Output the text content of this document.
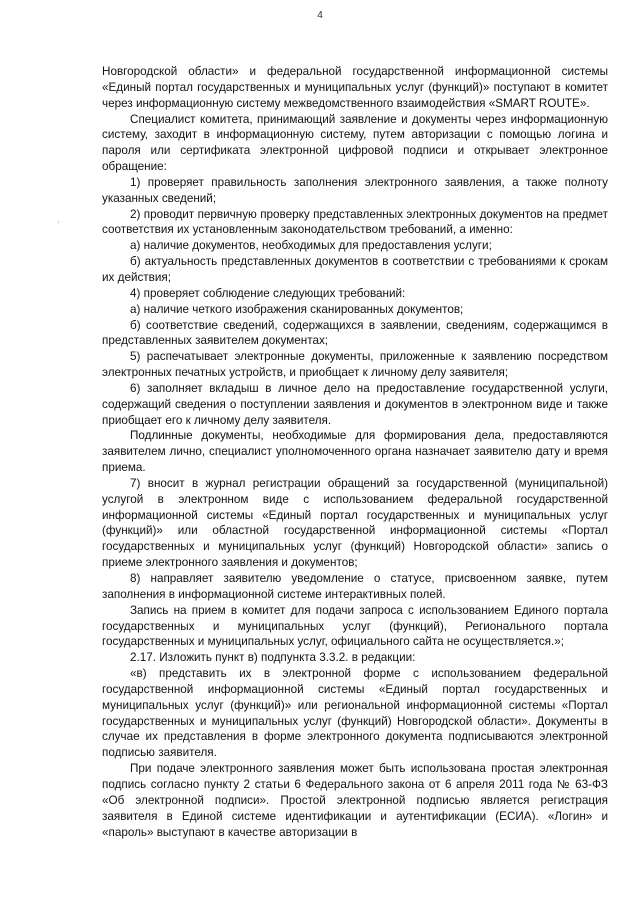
4
ʻ

Новгородской области» и федеральной государственной информационной системы «Единый портал государственных и муниципальных услуг (функций)» поступают в комитет через информационную систему межведомственного взаимодействия «SMART ROUTE».

Специалист комитета, принимающий заявление и документы через информационную систему, заходит в информационную систему, путем авторизации с помощью логина и пароля или сертификата электронной цифровой подписи и открывает электронное обращение:

1) проверяет правильность заполнения электронного заявления, а также полноту указанных сведений;

2) проводит первичную проверку представленных электронных документов на предмет соответствия их установленным законодательством требований, а именно:

а) наличие документов, необходимых для предоставления услуги;

б) актуальность представленных документов в соответствии с требованиями к срокам их действия;

4) проверяет соблюдение следующих требований:

а) наличие четкого изображения сканированных документов;

б) соответствие сведений, содержащихся в заявлении, сведениям, содержащимся в представленных заявителем документах;

5) распечатывает электронные документы, приложенные к заявлению посредством электронных печатных устройств, и приобщает к личному делу заявителя;

6) заполняет вкладыш в личное дело на предоставление государственной услуги, содержащий сведения о поступлении заявления и документов в электронном виде и также приобщает его к личному делу заявителя.

Подлинные документы, необходимые для формирования дела, предоставляются заявителем лично, специалист уполномоченного органа назначает заявителю дату и время приема.

7) вносит в журнал регистрации обращений за государственной (муниципальной) услугой в электронном виде с использованием федеральной государственной информационной системы «Единый портал государственных и муниципальных услуг (функций)» или областной государственной информационной системы «Портал государственных и муниципальных услуг (функций) Новгородской области» запись о приеме электронного заявления и документов;

8) направляет заявителю уведомление о статусе, присвоенном заявке, путем заполнения в информационной системе интерактивных полей.

Запись на прием в комитет для подачи запроса с использованием Единого портала государственных и муниципальных услуг (функций), Регионального портала государственных и муниципальных услуг, официального сайта не осуществляется.»;

2.17. Изложить пункт в) подпункта 3.3.2. в редакции:

«в) представить их в электронной форме с использованием федеральной государственной информационной системы «Единый портал государственных и муниципальных услуг (функций)» или региональной информационной системы «Портал государственных и муниципальных услуг (функций) Новгородской области». Документы в случае их представления в форме электронного документа подписываются электронной подписью заявителя.

При подаче электронного заявления может быть использована простая электронная подпись согласно пункту 2 статьи 6 Федерального закона от 6 апреля 2011 года № 63-ФЗ «Об электронной подписи». Простой электронной подписью является регистрация заявителя в Единой системе идентификации и аутентификации (ЕСИА). «Логин» и «пароль» выступают в качестве авторизации в
